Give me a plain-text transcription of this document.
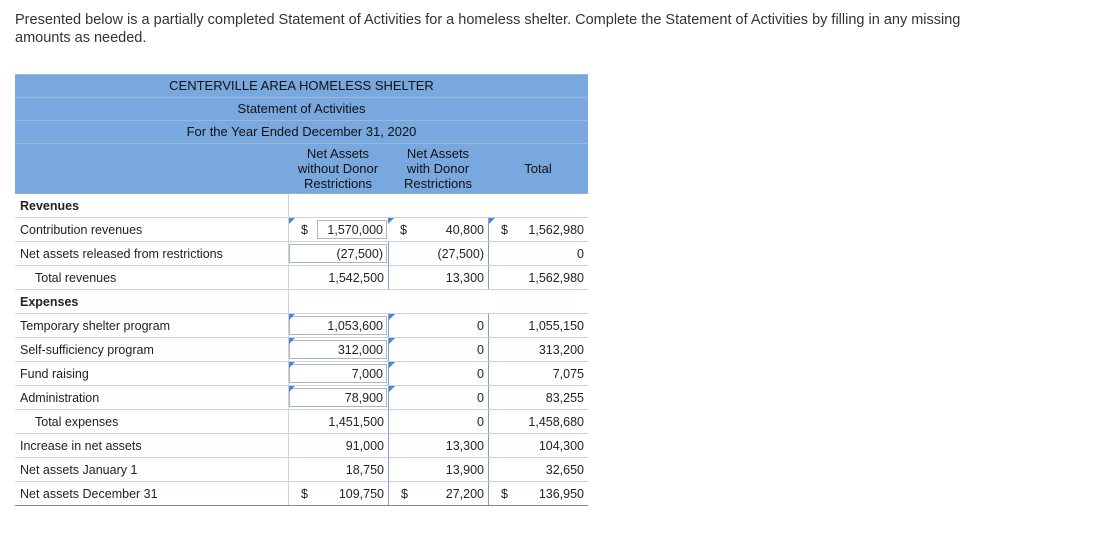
Presented below is a partially completed Statement of Activities for a homeless shelter. Complete the Statement of Activities by filling in any missing amounts as needed.
CENTERVILLE AREA HOMELESS SHELTER
Statement of Activities
For the Year Ended December 31, 2020
Net Assets
without Donor
Restrictions
Net Assets
with Donor
Restrictions
Total
Revenues
Contribution revenues	$	1,570,000	$	40,800 $ 1,562,980
Net assets released from restrictions	(27,500)	(27,500)	0
Total revenues	1,542,500	13,300	1,562,980
Expenses
Temporary shelter program	1,053,600	0	1,055,150
Self-sufficiency program	312,000	0	313,200
Fund raising	7,000	0	7,075
Administration	78,900	0	83,255
Total expenses	1,451,500	0	1,458,680
Increase in net assets	91,000	13,300	104,300
Net assets January 1	18,750	13,900	32,650
Net assets December 31	$ 109,750 $	27,200 $ 136,950
